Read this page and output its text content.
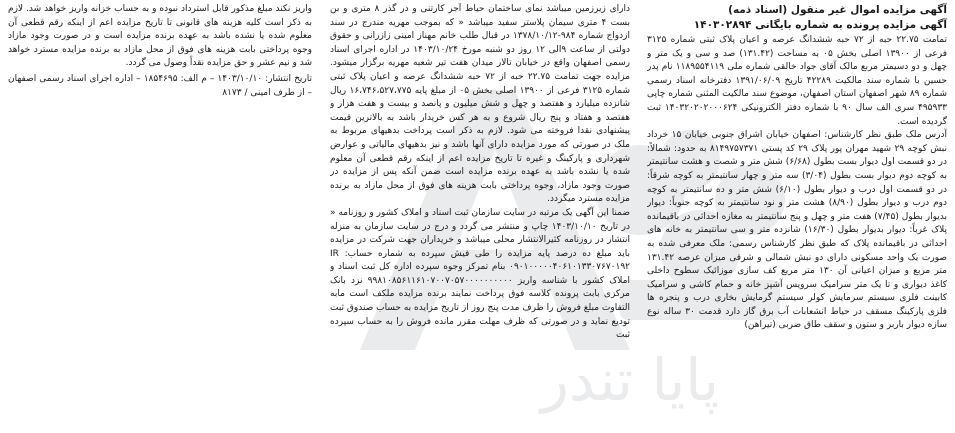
پایا تندر

آگهی مزایده اموال غیر منقول (اسناد ذمه)

آگهی مزایده پرونده به شماره بایگانی ۱۴۰۳۰۲۸۹۴

تمامت ۲۲.۷۵ حبه از ۷۲ حبه ششدانگ عرصه و اعیان پلاک ثبتی شماره ۳۱۲۵ فرعی از ۱۳۹۰۰ اصلی بخش ۰۵ به مساحت (۱۳۱.۴۲) صد و سی و یک متر و چهل و دو دسیمتر مربع مالک آقای جواد خالقی شماره ملی ۱۱۸۹۵۵۴۱۱۹ نام پدر حسین با شماره سند مالکیت ۴۲۲۸۹ تاریخ ۱۳۹۱/۰۶/۰۹ دفترخانه اسناد رسمی شماره ۸۹ شهر اصفهان استان اصفهان، موضوع سند مالکیت المثنی شماره چاپی ۴۹۵۹۳۳ سری الف سال ۹۰ با شماره دفتر الکترونیکی ۱۴۰۳۲۰۲۰۲۰۰۰۶۲۴ ثبت گردیده است.

آدرس ملک طبق نظر کارشناس: اصفهان خیابان اشراق جنوبی خیابان ۱۵ خرداد نبش کوچه ۲۹ شهید مهران پور پلاک ۲۹ کد پستی ۸۱۴۹۷۵۷۳۷۱ به حدود: شمالاً: در دو قسمت اول دیوار بست بطول (۶/۶۸) شش متر و شصت و هشت سانتیمتر به کوچه دوم دیوار بست بطول (۳/۰۴) سه متر و چهار سانتیمتر به کوچه شرقاً: در دو قسمت اول درب و دیوار بطول (۶/۱۰) شش متر و ده سانتیمتر به کوچه دوم درب و دیوار بطول (۸/۹۰) هشت متر و نود سانتیمتر به کوچه جنوباً: دیوار بدیوار بطول (۷/۴۵) هفت متر و چهل و پنج سانتیمتر به مغازه احداثی در باقیمانده پلاک غرباً: دیوار بدیوار بطول (۱۶/۳۰) شانزده متر و سی سانتیمتر به خانه های احداثی در باقیمانده پلاک که طبق نظر کارشناس رسمی: ملک معرفی شده به صورت یک واحد مسکونی دارای دو نبش شمالی و شرقی میزان عرصه ۱۳۱.۴۲ متر مربع و میزان اعیانی آن ۱۳۰ متر مربع کف سازی موزائیک سطوح داخلی کاغذ دیواری و تا یک متر سرامیک سرویس آشپز خانه و حمام کاشی و سرامیک کابینت فلزی سیستم سرمایش کولر سیستم گرمایش بخاری درب و پنجره ها فلزی پارکینگ مسقف در حیاط انشعابات آب برق گاز دارد قدمت ۳۰ ساله نوع سازه دیوار باربر و ستون و سقف طاق ضربی (تیراهن)

دارای زیرزمین میباشد نمای ساختمان حیاط آجر کارتنی و در گذر ۸ متری و بن بست ۴ متری سیمان پلاستر سفید میباشد « که بموجب مهریه مندرج در سند ازدواج شماره ۹۸۴-۱۳۷۸/۱۰/۱۲ در قبال طلب خانم مهناز امینی زازرانی و حقوق دولتی از ساعت ۹الی ۱۲ روز دو شنبه مورخ ۱۴۰۳/۱۰/۲۴ در اداره اجرای اسناد رسمی اصفهان واقع در خیابان تالار میدان هفت تیر شعبه مهریه برگزار میشود. مزایده جهت تمامت ۲۲.۷۵ حبه از ۷۲ حبه ششدانگ عرصه و اعیان پلاک ثبتی شماره ۳۱۲۵ فرعی از ۱۳۹۰۰ اصلی بخش ۰۵ از مبلغ پایه ۱۶،۷۴۶،۵۲۷،۷۷۵ ریال شانزده میلیارد و هفتصد و چهل و شش میلیون و پانصد و بیست و هفت هزار و هفتصد و هفتاد و پنج ریال شروع و به هر کس خریدار باشد به بالاترین قیمت پیشنهادی نقدا فروخته می شود. لازم به ذکر است پرداخت بدهیهای مربوط به ملک در صورتی که مورد مزایده دارای آنها باشد و نیز بدهیهای مالیاتی و عوارض شهرداری و پارکینگ و غیره تا تاریخ مزایده اعم از اینکه رقم قطعی آن معلوم شده یا نشده باشد به عهده برنده مزایده است ضمن آنکه پس از مزایده در صورت وجود مازاد، وجوه پرداختی بابت هزینه های فوق از محل مازاد به برنده مزایده مسترد میگردد.

ضمنا این آگهی یک مرتبه در سایت سازمان ثبت اسناد و املاک کشور و روزنامه « در تاریخ ۱۴۰۳/۱۰/۱۰ چاپ و منتشر می گردد و درج در سایت سازمان به منزله انتشار در روزنامه کثیرالانتشار محلی میباشد و خریداران جهت شرکت در مزایده باید مبلغ ده درصد پایه مزایده را طی فیش سپرده به شماره حساب: IR ۰۹۰۱۰۰۰۰۰۴۰۶۱۰۱۳۳۰۷۶۷۰۱۹۲ بنام تمرکز وجوه سپرده اداره کل ثبت اسناد و املاک کشور با شناسه واریز ۹۹۸۱۰۸۵۶۱۱۶۱۰۷۰۰۷۰۵۷۰۰۰۰۰۰۰۰۰۰ نزد بانک مرکزی بابت پرونده کلاسه فوق پرداخت نمایند برنده مزایده ملکف است مابه التفاوت مبلغ فروش را ظرف مدت پنج روز از تاریخ مزایده به حساب صندوق ثبت تودیع نماید و در صورتی که ظرف مهلت مقرر مانده فروش را به حساب سپرده ثبت

واریز نکند مبلغ مذکور قابل استرداد نبوده و به حساب خزانه واریز خواهد شد. لازم به ذکر است کلیه هزینه های قانونی تا تاریخ مزایده اعم از اینکه رقم قطعی آن معلوم شده یا نشده باشد به عهده برنده مزایده است و در صورت وجود مازاد وجوه پرداختی بابت هزینه های فوق از محل مازاد به برنده مزایده مسترد خواهد شد و نیم عشر و حق مزایده نقداً وصول می گردد.

تاریخ انتشار: ۱۴۰۳/۱۰/۱۰ – م الف: ۱۸۵۴۶۹۵ – اداره اجرای اسناد رسمی اصفهان – از طرف امینی / ۸۱۷۳
